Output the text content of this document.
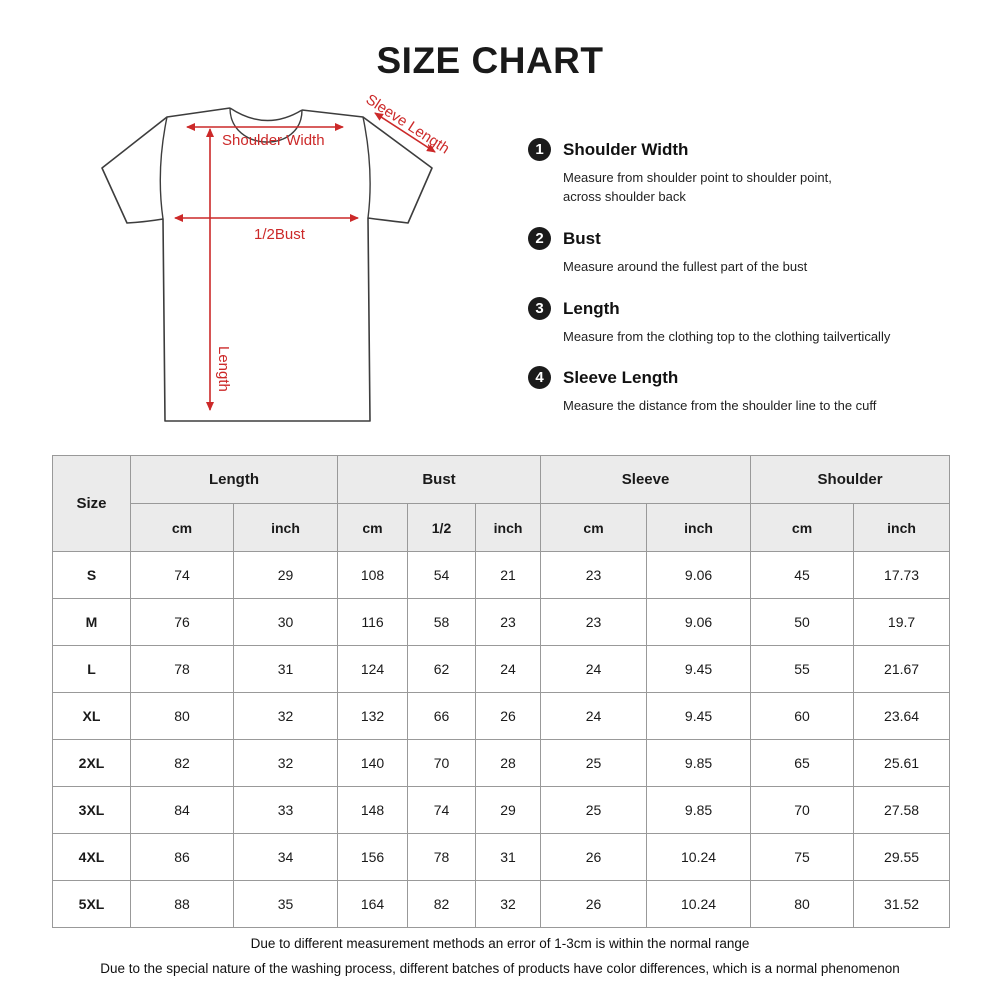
SIZE CHART
Shoulder Width
1/2Bust
Length
Sleeve Length	1	Shoulder Width

Measure from shoulder point to shoulder point, across shoulder back

2	Bust

Measure around the fullest part of the bust

3	Length

Measure from the clothing top to the clothing tailvertically

4	Sleeve Length

Measure the distance from the shoulder line to the cuff

Size	Length		Bust			Sleeve		Shoulder	
	cm	inch	cm	1/2	inch	cm	inch	cm	inch
S	74	29	108	54	21	23	9.06	45	17.73
M	76	30	116	58	23	23	9.06	50	19.7
L	78	31	124	62	24	24	9.45	55	21.67
XL	80	32	132	66	26	24	9.45	60	23.64
2XL	82	32	140	70	28	25	9.85	65	25.61
3XL	84	33	148	74	29	25	9.85	70	27.58
4XL	86	34	156	78	31	26	10.24	75	29.55
5XL	88	35	164	82	32	26	10.24	80	31.52

Due to different measurement methods an error of 1-3cm is within the normal range

Due to the special nature of the washing process, different batches of products have color differences, which is a normal phenomenon
